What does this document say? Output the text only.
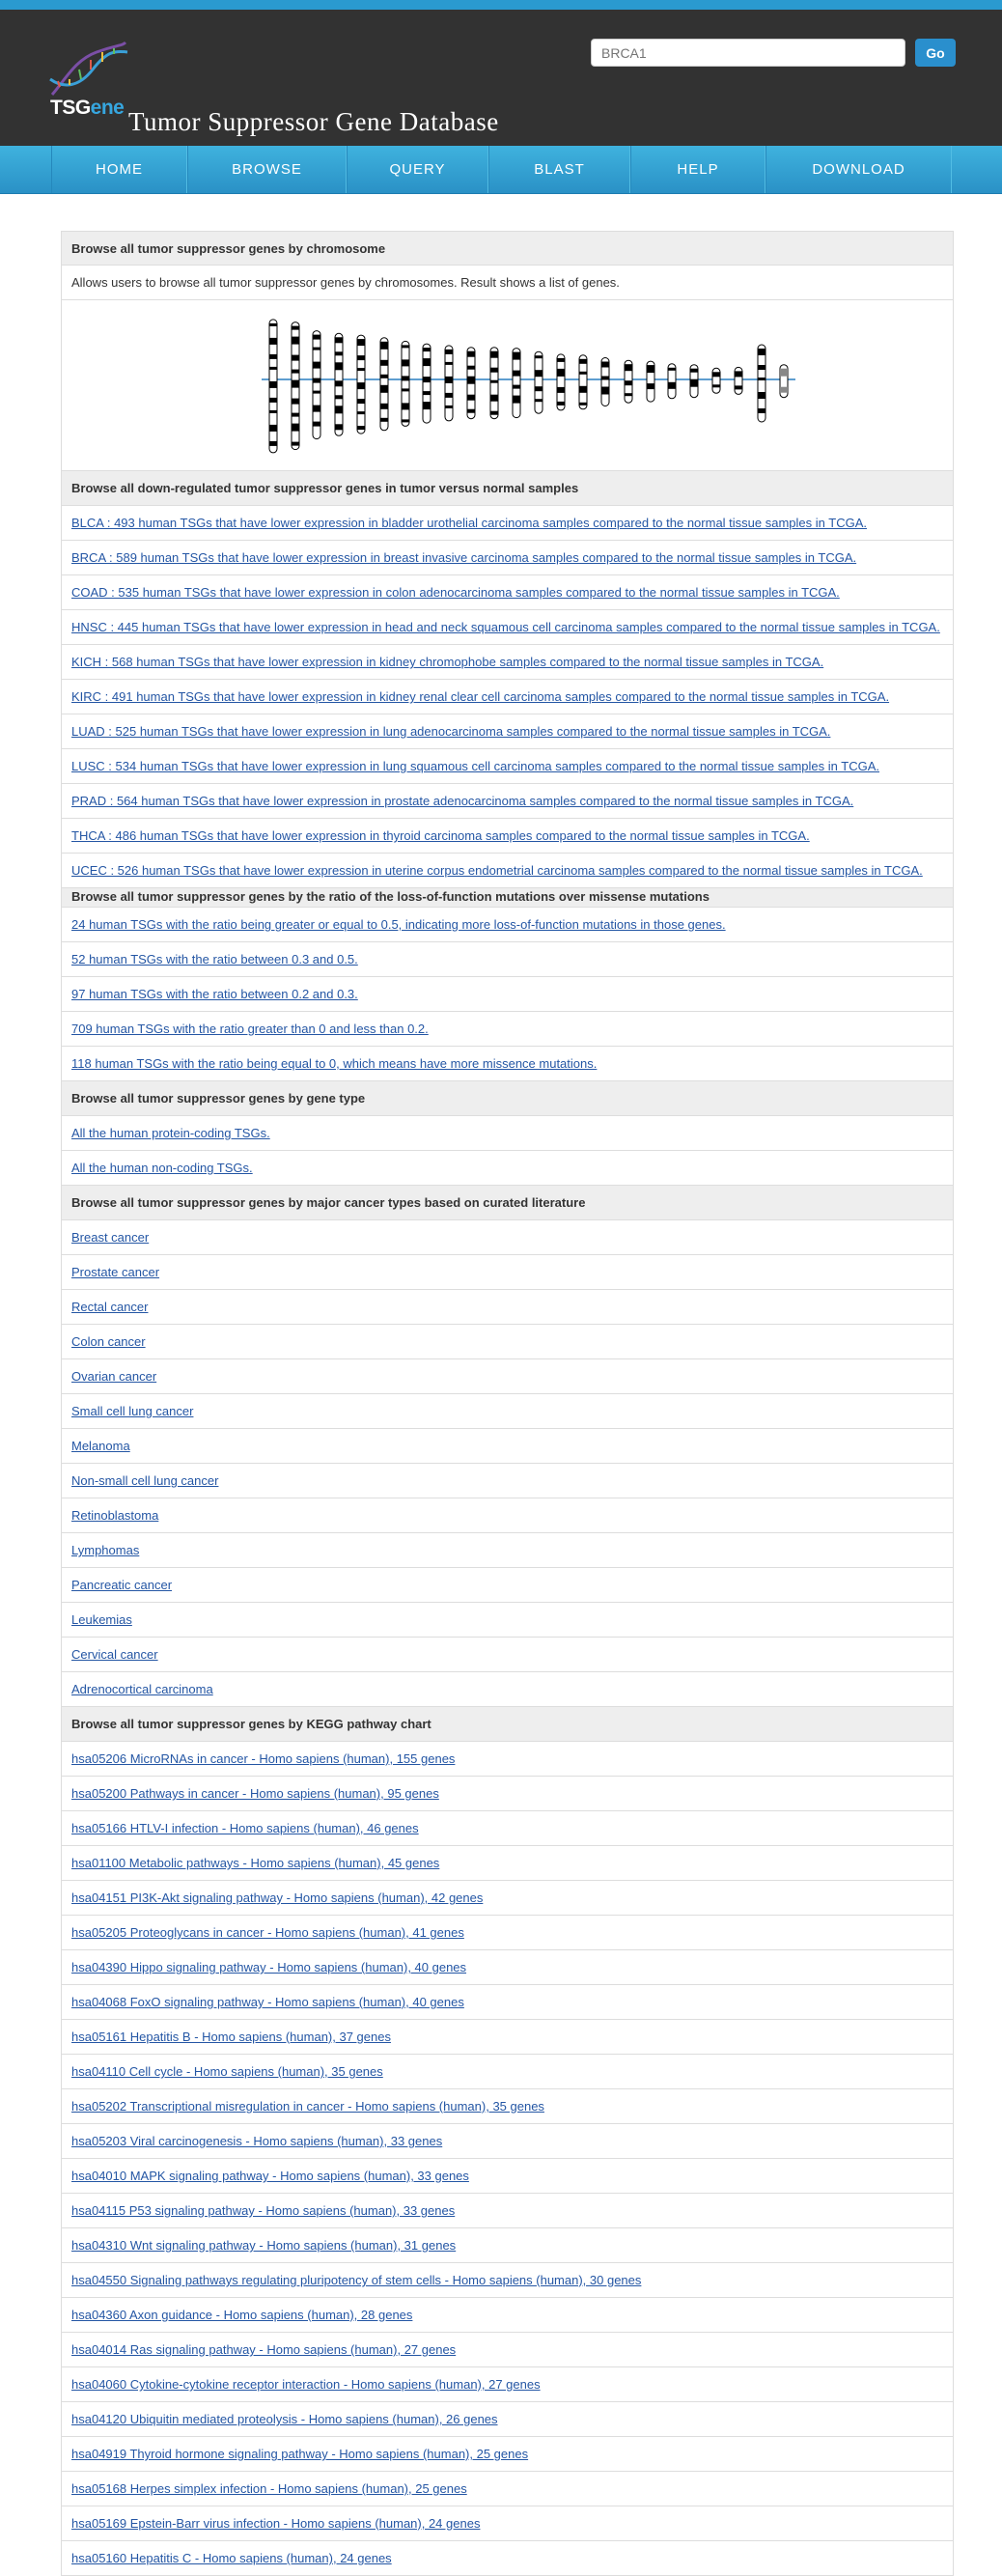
TSGene Tumor Suppressor Gene Database
BRCA1
Go
HOME	BROWSE	QUERY	BLAST	HELP	DOWNLOAD
Browse all tumor suppressor genes by chromosome
Allows users to browse all tumor suppressor genes by chromosomes. Result shows a list of genes.
Browse all down-regulated tumor suppressor genes in tumor versus normal samples
BLCA : 493 human TSGs that have lower expression in bladder urothelial carcinoma samples compared to the normal tissue samples in TCGA.
BRCA : 589 human TSGs that have lower expression in breast invasive carcinoma samples compared to the normal tissue samples in TCGA.
COAD : 535 human TSGs that have lower expression in colon adenocarcinoma samples compared to the normal tissue samples in TCGA.
HNSC : 445 human TSGs that have lower expression in head and neck squamous cell carcinoma samples compared to the normal tissue samples in TCGA.
KICH : 568 human TSGs that have lower expression in kidney chromophobe samples compared to the normal tissue samples in TCGA.
KIRC : 491 human TSGs that have lower expression in kidney renal clear cell carcinoma samples compared to the normal tissue samples in TCGA.
LUAD : 525 human TSGs that have lower expression in lung adenocarcinoma samples compared to the normal tissue samples in TCGA.
LUSC : 534 human TSGs that have lower expression in lung squamous cell carcinoma samples compared to the normal tissue samples in TCGA.
PRAD : 564 human TSGs that have lower expression in prostate adenocarcinoma samples compared to the normal tissue samples in TCGA.
THCA : 486 human TSGs that have lower expression in thyroid carcinoma samples compared to the normal tissue samples in TCGA.
UCEC : 526 human TSGs that have lower expression in uterine corpus endometrial carcinoma samples compared to the normal tissue samples in TCGA.
Browse all tumor suppressor genes by the ratio of the loss-of-function mutations over missense mutations
24 human TSGs with the ratio being greater or equal to 0.5, indicating more loss-of-function mutations in those genes.
52 human TSGs with the ratio between 0.3 and 0.5.
97 human TSGs with the ratio between 0.2 and 0.3.
709 human TSGs with the ratio greater than 0 and less than 0.2.
118 human TSGs with the ratio being equal to 0, which means have more missence mutations.
Browse all tumor suppressor genes by gene type
All the human protein-coding TSGs.
All the human non-coding TSGs.
Browse all tumor suppressor genes by major cancer types based on curated literature
Breast cancer
Prostate cancer
Rectal cancer
Colon cancer
Ovarian cancer
Small cell lung cancer
Melanoma
Non-small cell lung cancer
Retinoblastoma
Lymphomas
Pancreatic cancer
Leukemias
Cervical cancer
Adrenocortical carcinoma
Browse all tumor suppressor genes by KEGG pathway chart
hsa05206 MicroRNAs in cancer - Homo sapiens (human), 155 genes
hsa05200 Pathways in cancer - Homo sapiens (human), 95 genes
hsa05166 HTLV-I infection - Homo sapiens (human), 46 genes
hsa01100 Metabolic pathways - Homo sapiens (human), 45 genes
hsa04151 PI3K-Akt signaling pathway - Homo sapiens (human), 42 genes
hsa05205 Proteoglycans in cancer - Homo sapiens (human), 41 genes
hsa04390 Hippo signaling pathway - Homo sapiens (human), 40 genes
hsa04068 FoxO signaling pathway - Homo sapiens (human), 40 genes
hsa05161 Hepatitis B - Homo sapiens (human), 37 genes
hsa04110 Cell cycle - Homo sapiens (human), 35 genes
hsa05202 Transcriptional misregulation in cancer - Homo sapiens (human), 35 genes
hsa05203 Viral carcinogenesis - Homo sapiens (human), 33 genes
hsa04010 MAPK signaling pathway - Homo sapiens (human), 33 genes
hsa04115 P53 signaling pathway - Homo sapiens (human), 33 genes
hsa04310 Wnt signaling pathway - Homo sapiens (human), 31 genes
hsa04550 Signaling pathways regulating pluripotency of stem cells - Homo sapiens (human), 30 genes
hsa04360 Axon guidance - Homo sapiens (human), 28 genes
hsa04014 Ras signaling pathway - Homo sapiens (human), 27 genes
hsa04060 Cytokine-cytokine receptor interaction - Homo sapiens (human), 27 genes
hsa04120 Ubiquitin mediated proteolysis - Homo sapiens (human), 26 genes
hsa04919 Thyroid hormone signaling pathway - Homo sapiens (human), 25 genes
hsa05168 Herpes simplex infection - Homo sapiens (human), 25 genes
hsa05169 Epstein-Barr virus infection - Homo sapiens (human), 24 genes
hsa05160 Hepatitis C - Homo sapiens (human), 24 genes
